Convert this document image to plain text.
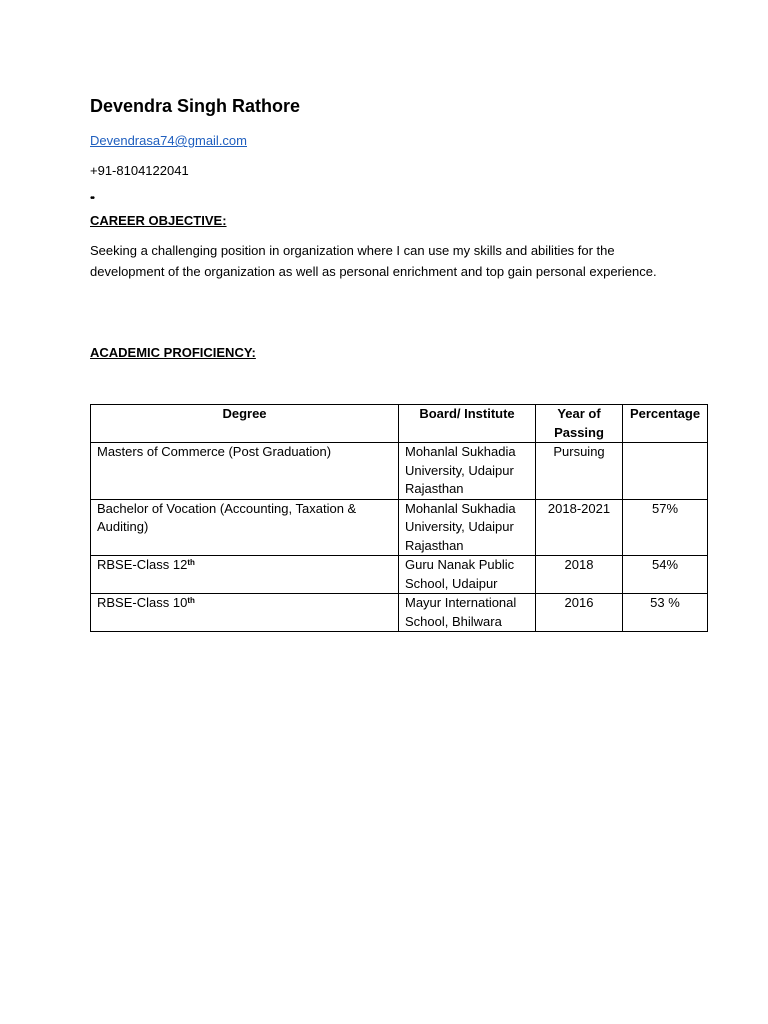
Devendra Singh Rathore
Devendrasa74@gmail.com
+91-8104122041
••
CAREER OBJECTIVE:
Seeking a challenging position in organization where I can use my skills and abilities for the development of the organization as well as personal enrichment and top gain personal experience.
ACADEMIC PROFICIENCY:
Degree	Board/ Institute	Year of Passing	Percentage
Masters of Commerce (Post Graduation)	Mohanlal Sukhadia University, Udaipur Rajasthan	Pursuing	
Bachelor of Vocation (Accounting, Taxation & Auditing)	Mohanlal Sukhadia University, Udaipur Rajasthan	2018-2021	57%
RBSE-Class 12th	Guru Nanak Public School, Udaipur	2018	54%
RBSE-Class 10th	Mayur International School, Bhilwara	2016	53 %
